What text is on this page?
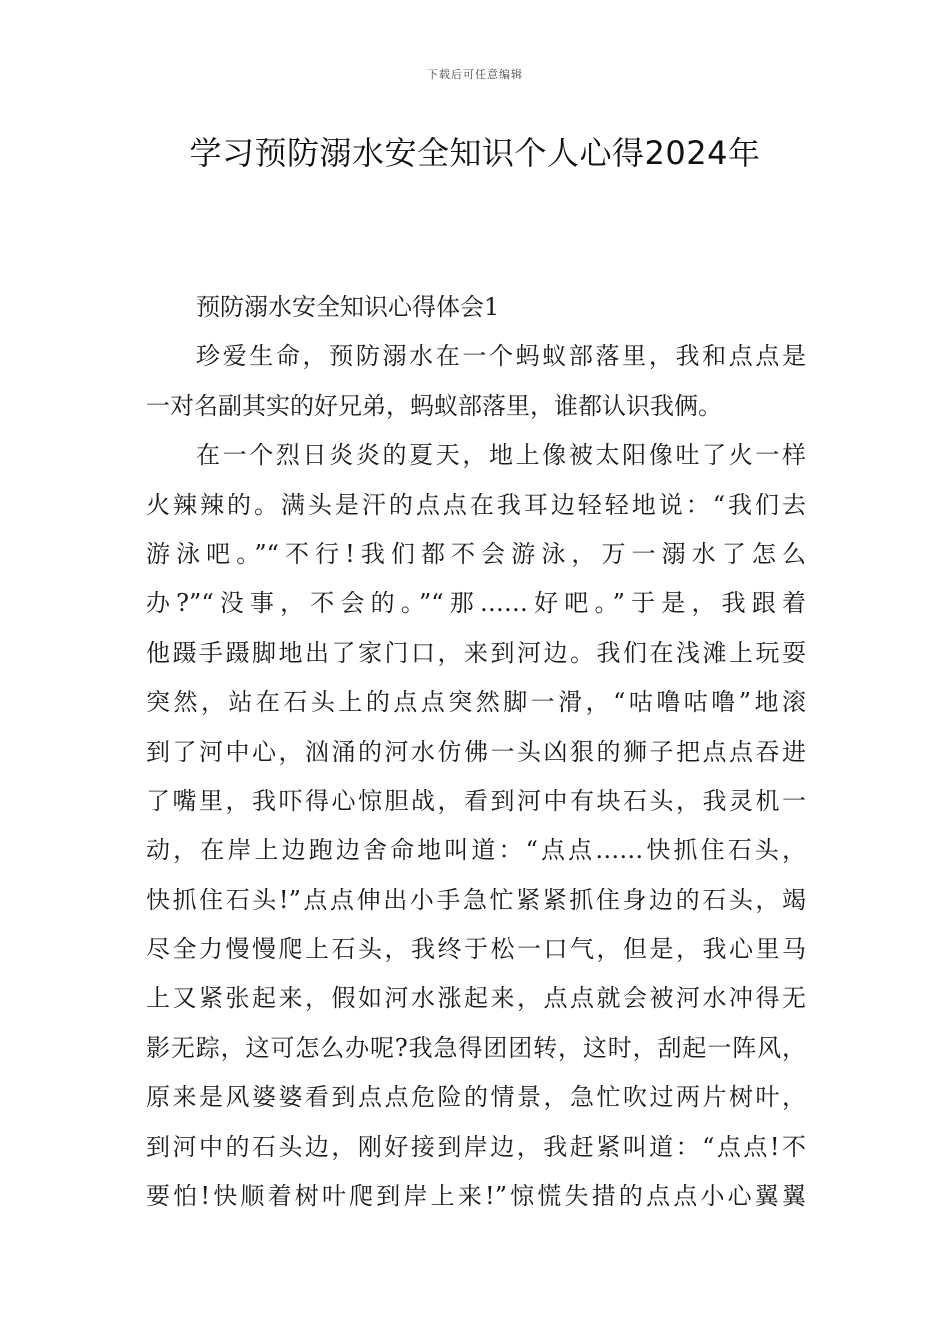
下载后可任意编辑
学习预防溺水安全知识个人心得2024年
预防溺水安全知识心得体会1
珍爱生命，预防溺水在一个蚂蚁部落里，我和点点是
一对名副其实的好兄弟，蚂蚁部落里，谁都认识我俩。
在一个烈日炎炎的夏天，地上像被太阳像吐了火一样
火辣辣的。满头是汗的点点在我耳边轻轻地说：“我们去
游泳吧。”“不行!我们都不会游泳，万一溺水了怎么
办?”“没事，不会的。”“那……好吧。”于是，我跟着
他蹑手蹑脚地出了家门口，来到河边。我们在浅滩上玩耍
突然，站在石头上的点点突然脚一滑，“咕噜咕噜”地滚
到了河中心，汹涌的河水仿佛一头凶狠的狮子把点点吞进
了嘴里，我吓得心惊胆战，看到河中有块石头，我灵机一
动，在岸上边跑边舍命地叫道：“点点……快抓住石头，
快抓住石头!”点点伸出小手急忙紧紧抓住身边的石头，竭
尽全力慢慢爬上石头，我终于松一口气，但是，我心里马
上又紧张起来，假如河水涨起来，点点就会被河水冲得无
影无踪，这可怎么办呢?我急得团团转，这时，刮起一阵风，
原来是风婆婆看到点点危险的情景，急忙吹过两片树叶，
到河中的石头边，刚好接到岸边，我赶紧叫道：“点点!不
要怕!快顺着树叶爬到岸上来!”惊慌失措的点点小心翼翼
